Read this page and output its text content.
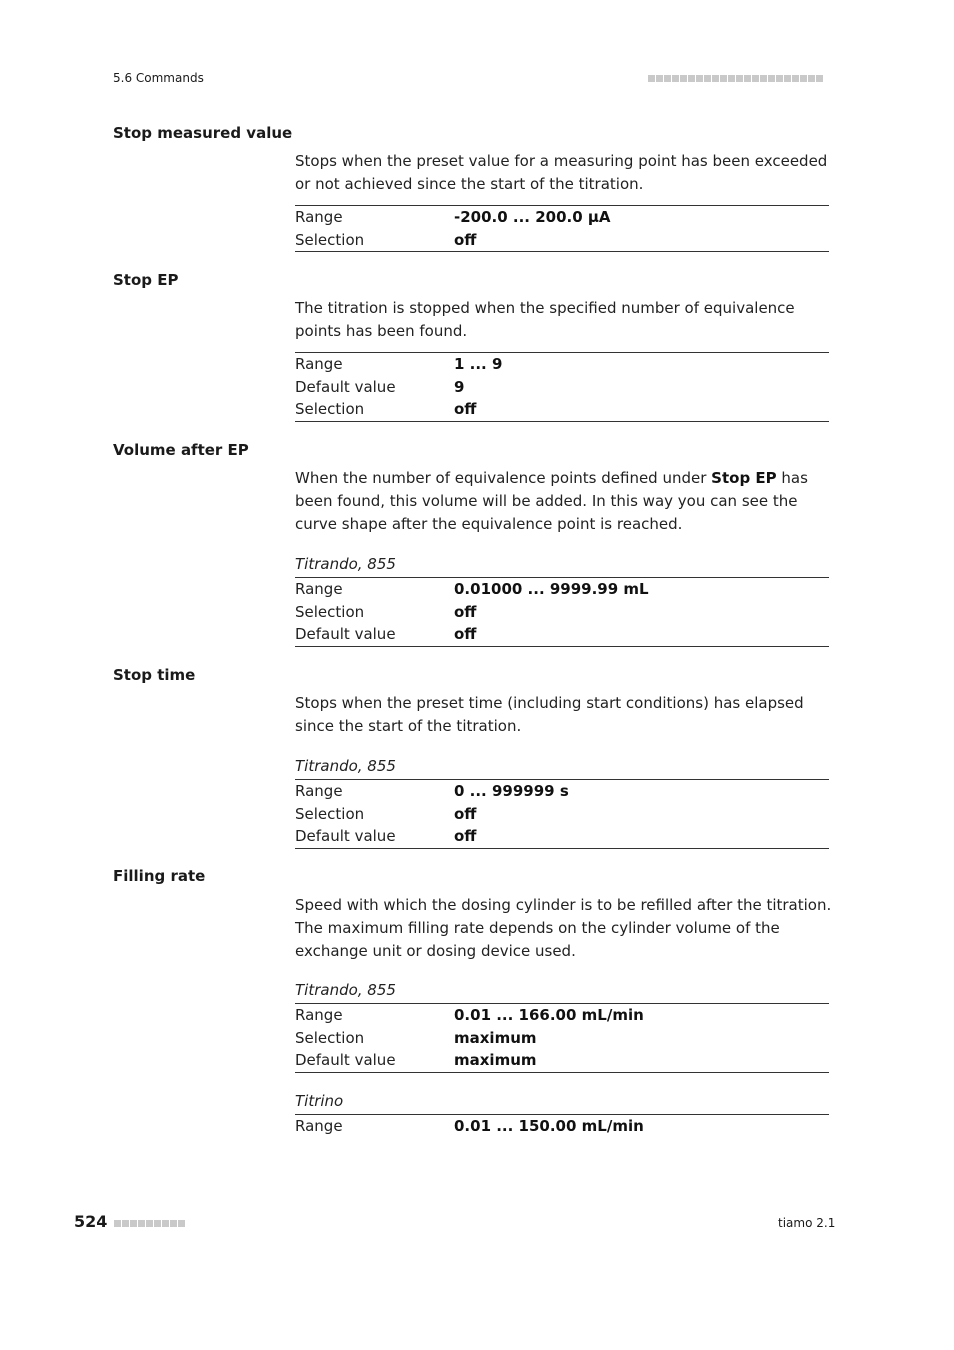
5.6 Commands
Stop measured value
Stops when the preset value for a measuring point has been exceeded or not achieved since the start of the titration.
Range	-200.0 ... 200.0 µA
Selection	off
Stop EP
The titration is stopped when the specified number of equivalence points has been found.
Range	1 ... 9
Default value	9
Selection	off
Volume after EP
When the number of equivalence points defined under Stop EP has been found, this volume will be added. In this way you can see the curve shape after the equivalence point is reached.
Titrando, 855
Range	0.01000 ... 9999.99 mL
Selection	off
Default value	off
Stop time
Stops when the preset time (including start conditions) has elapsed since the start of the titration.
Titrando, 855
Range	0 ... 999999 s
Selection	off
Default value	off
Filling rate
Speed with which the dosing cylinder is to be refilled after the titration. The maximum filling rate depends on the cylinder volume of the exchange unit or dosing device used.
Titrando, 855
Range	0.01 ... 166.00 mL/min
Selection	maximum
Default value	maximum
Titrino
Range	0.01 ... 150.00 mL/min
524	tiamo 2.1
